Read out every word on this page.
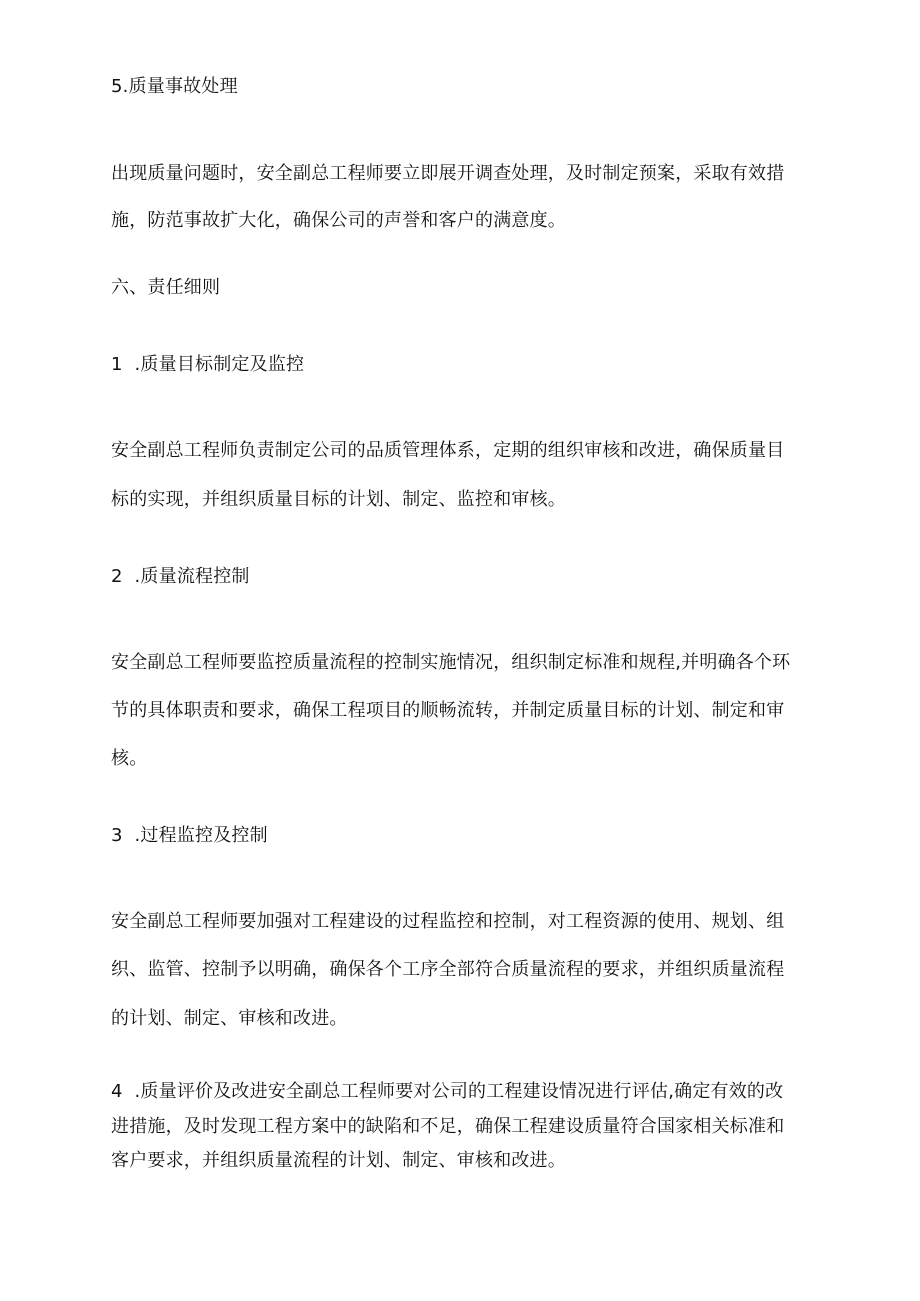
5.质量事故处理
出现质量问题时，安全副总工程师要立即展开调查处理，及时制定预案，采取有效措
施，防范事故扩大化，确保公司的声誉和客户的满意度。
六、责任细则
1  .质量目标制定及监控
安全副总工程师负责制定公司的品质管理体系，定期的组织审核和改进，确保质量目
标的实现，并组织质量目标的计划、制定、监控和审核。
2  .质量流程控制
安全副总工程师要监控质量流程的控制实施情况，组织制定标准和规程,并明确各个环
节的具体职责和要求，确保工程项目的顺畅流转，并制定质量目标的计划、制定和审
核。
3  .过程监控及控制
安全副总工程师要加强对工程建设的过程监控和控制，对工程资源的使用、规划、组
织、监管、控制予以明确，确保各个工序全部符合质量流程的要求，并组织质量流程
的计划、制定、审核和改进。
4  .质量评价及改进安全副总工程师要对公司的工程建设情况进行评估,确定有效的改
进措施，及时发现工程方案中的缺陷和不足，确保工程建设质量符合国家相关标准和
客户要求，并组织质量流程的计划、制定、审核和改进。
